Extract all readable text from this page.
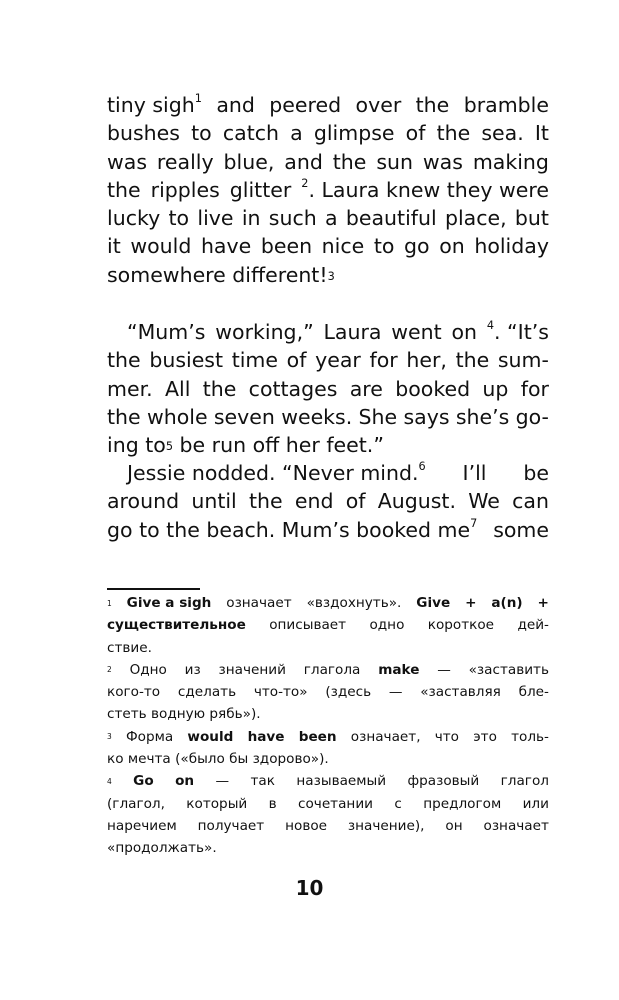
tiny sigh$^1$ and peered over the bramble
bushes to catch a glimpse of the sea. It
was really blue, and the sun was making
the ripples glitter $^2$. Laura knew they were
lucky to live in such a beautiful place, but
it would have been nice to go on holiday
somewhere different!$^3$
“Mum’s working,” Laura went on $^4$. “It’s
the busiest time of year for her, the sum-
mer. All the cottages are booked up for
the whole seven weeks. She says she’s go-
ing $to^5$
be run off her feet.”
Jessie nodded. “Never mind.$^6$ I’ll be
around until the end of August. We can
go to the beach. Mum’s booked $me^7$ some
$^1$ Give a sigh означает «вздохнуть». Give + a(n) +
существительное описывает одно короткое дей-
ствие.
$^2$ Одно из значений глагола make — «заставить
кого-то сделать что-то» (здесь — «заставляя бле-
стеть водную рябь»).
$^3$ Форма would have been означает, что это толь-
ко мечта («было бы здорово»).
$^4$ Go on — так называемый фразовый глагол
(глагол, который в сочетании с предлогом или
наречием получает новое значение), он означает
«продолжать».
10
